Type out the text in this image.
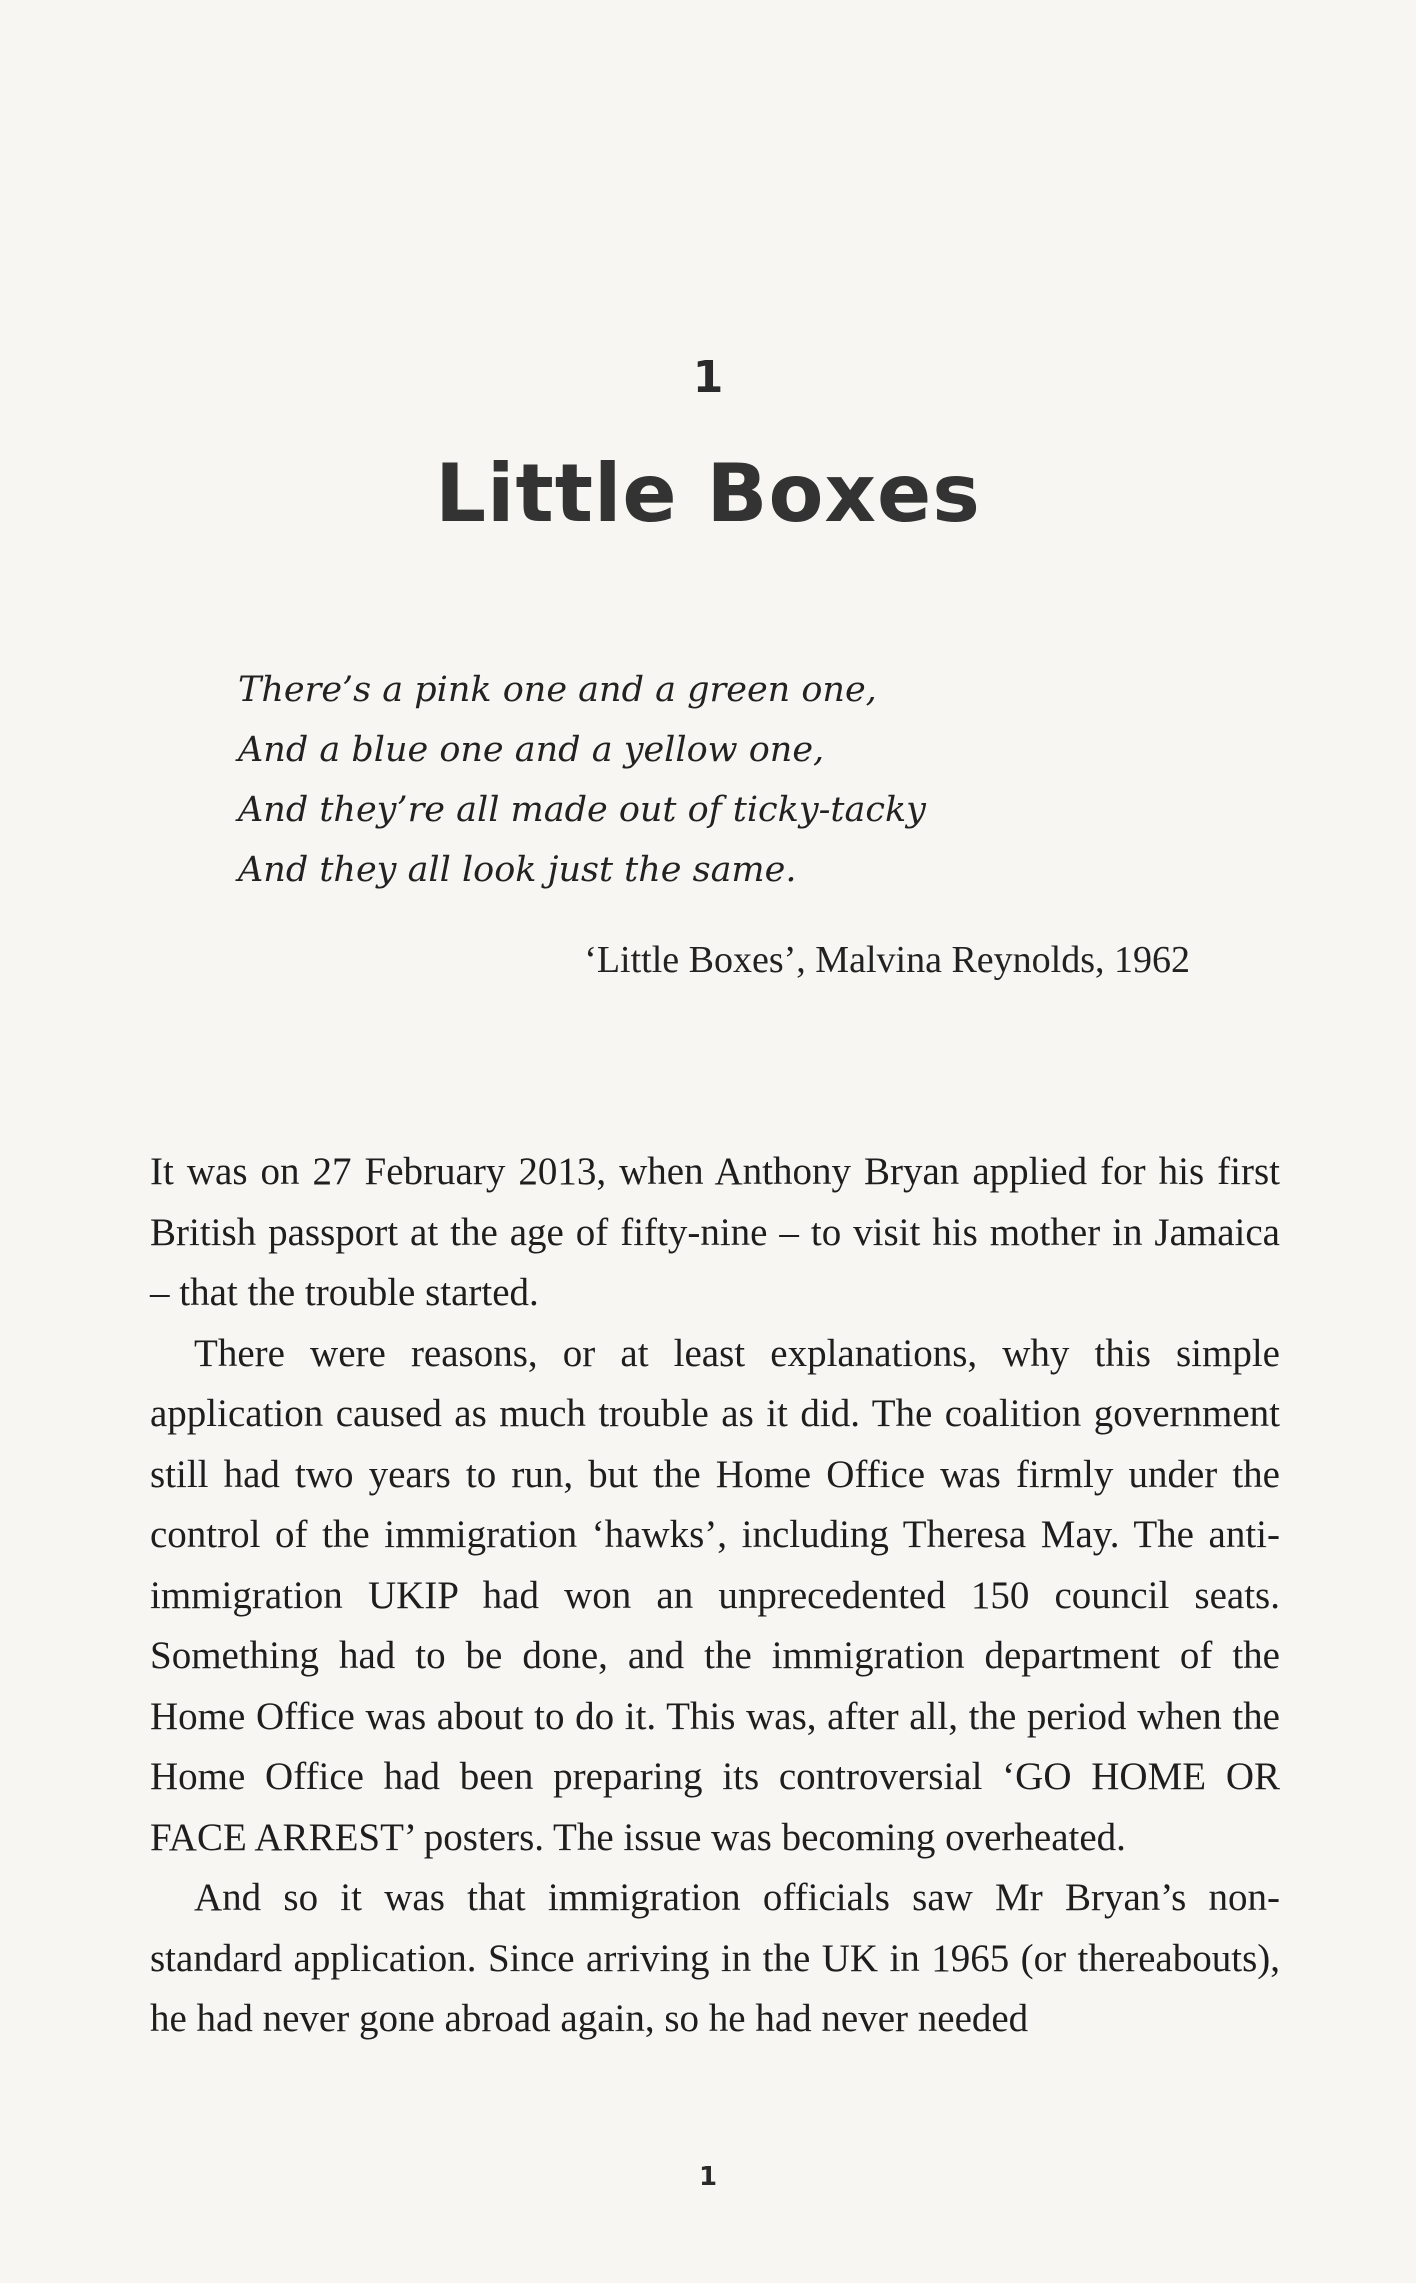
1
Little Boxes
There’s a pink one and a green one,
And a blue one and a yellow one,
And they’re all made out of ticky-tacky
And they all look just the same.
‘Little Boxes’, Malvina Reynolds, 1962

It was on 27 February 2013, when Anthony Bryan applied for his first British passport at the age of fifty-nine – to visit his mother in Jamaica – that the trouble started.

There were reasons, or at least explanations, why this simple application caused as much trouble as it did. The coalition government still had two years to run, but the Home Office was firmly under the control of the immigration ‘hawks’, including Theresa May. The anti-immigration UKIP had won an unprecedented 150 council seats. Something had to be done, and the immigration department of the Home Office was about to do it. This was, after all, the period when the Home Office had been preparing its controversial ‘GO HOME OR FACE ARREST’ posters. The issue was becoming overheated.

And so it was that immigration officials saw Mr Bryan’s non-standard application. Since arriving in the UK in 1965 (or thereabouts), he had never gone abroad again, so he had never needed

1
